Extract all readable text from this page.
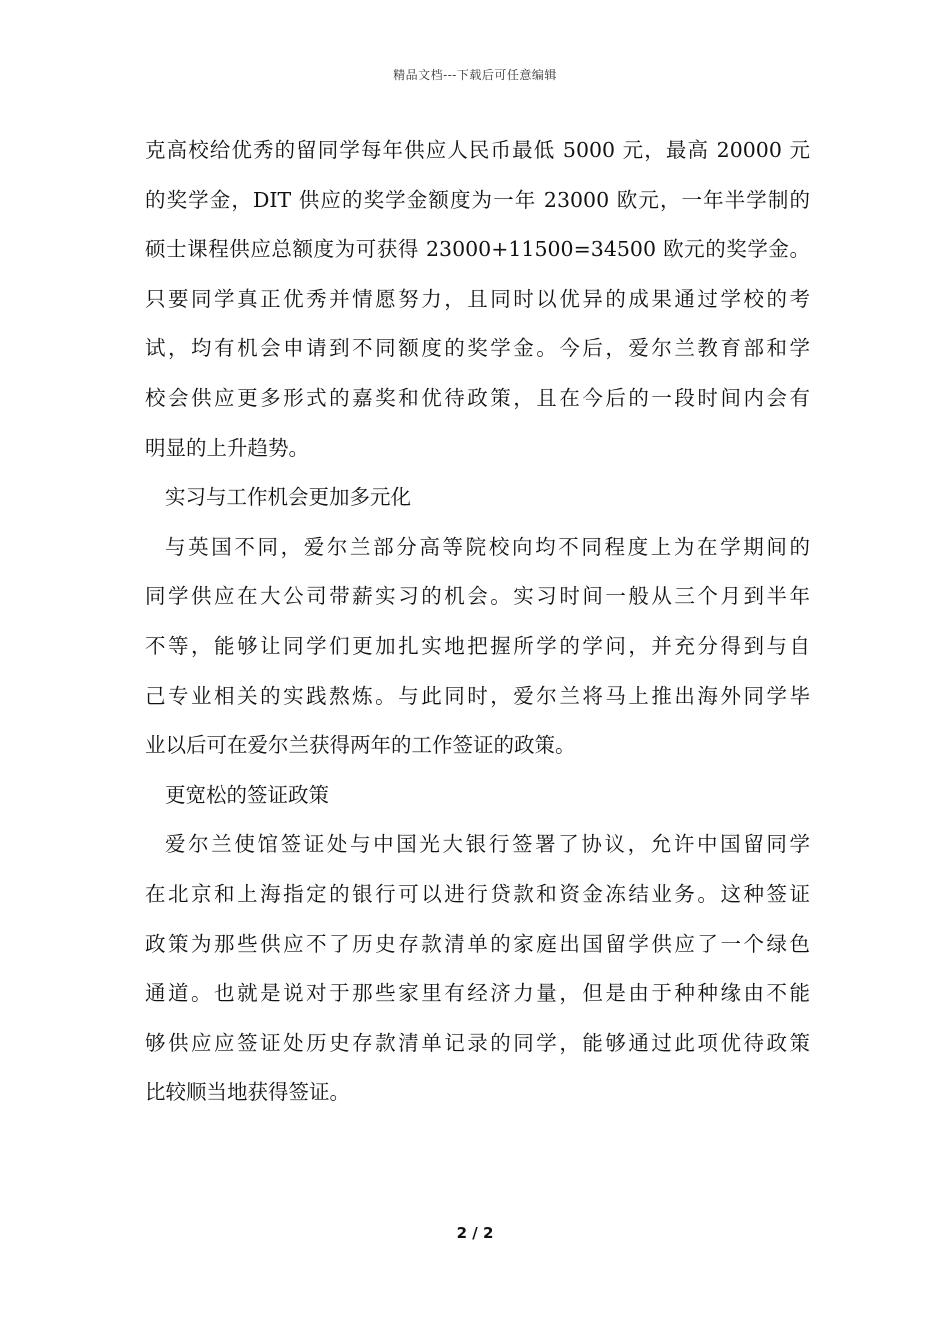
精品文档---下载后可任意编辑
克高校给优秀的留同学每年供应人民币最低 5000 元，最高 20000 元
的奖学金，DIT 供应的奖学金额度为一年 23000 欧元，一年半学制的
硕士课程供应总额度为可获得 23000+11500=34500 欧元的奖学金。
只要同学真正优秀并情愿努力，且同时以优异的成果通过学校的考
试，均有机会申请到不同额度的奖学金。今后，爱尔兰教育部和学
校会供应更多形式的嘉奖和优待政策，且在今后的一段时间内会有
明显的上升趋势。
实习与工作机会更加多元化
与英国不同，爱尔兰部分高等院校向均不同程度上为在学期间的
同学供应在大公司带薪实习的机会。实习时间一般从三个月到半年
不等，能够让同学们更加扎实地把握所学的学问，并充分得到与自
己专业相关的实践熬炼。与此同时，爱尔兰将马上推出海外同学毕
业以后可在爱尔兰获得两年的工作签证的政策。
更宽松的签证政策
爱尔兰使馆签证处与中国光大银行签署了协议，允许中国留同学
在北京和上海指定的银行可以进行贷款和资金冻结业务。这种签证
政策为那些供应不了历史存款清单的家庭出国留学供应了一个绿色
通道。也就是说对于那些家里有经济力量，但是由于种种缘由不能
够供应应签证处历史存款清单记录的同学，能够通过此项优待政策
比较顺当地获得签证。
2 / 2
